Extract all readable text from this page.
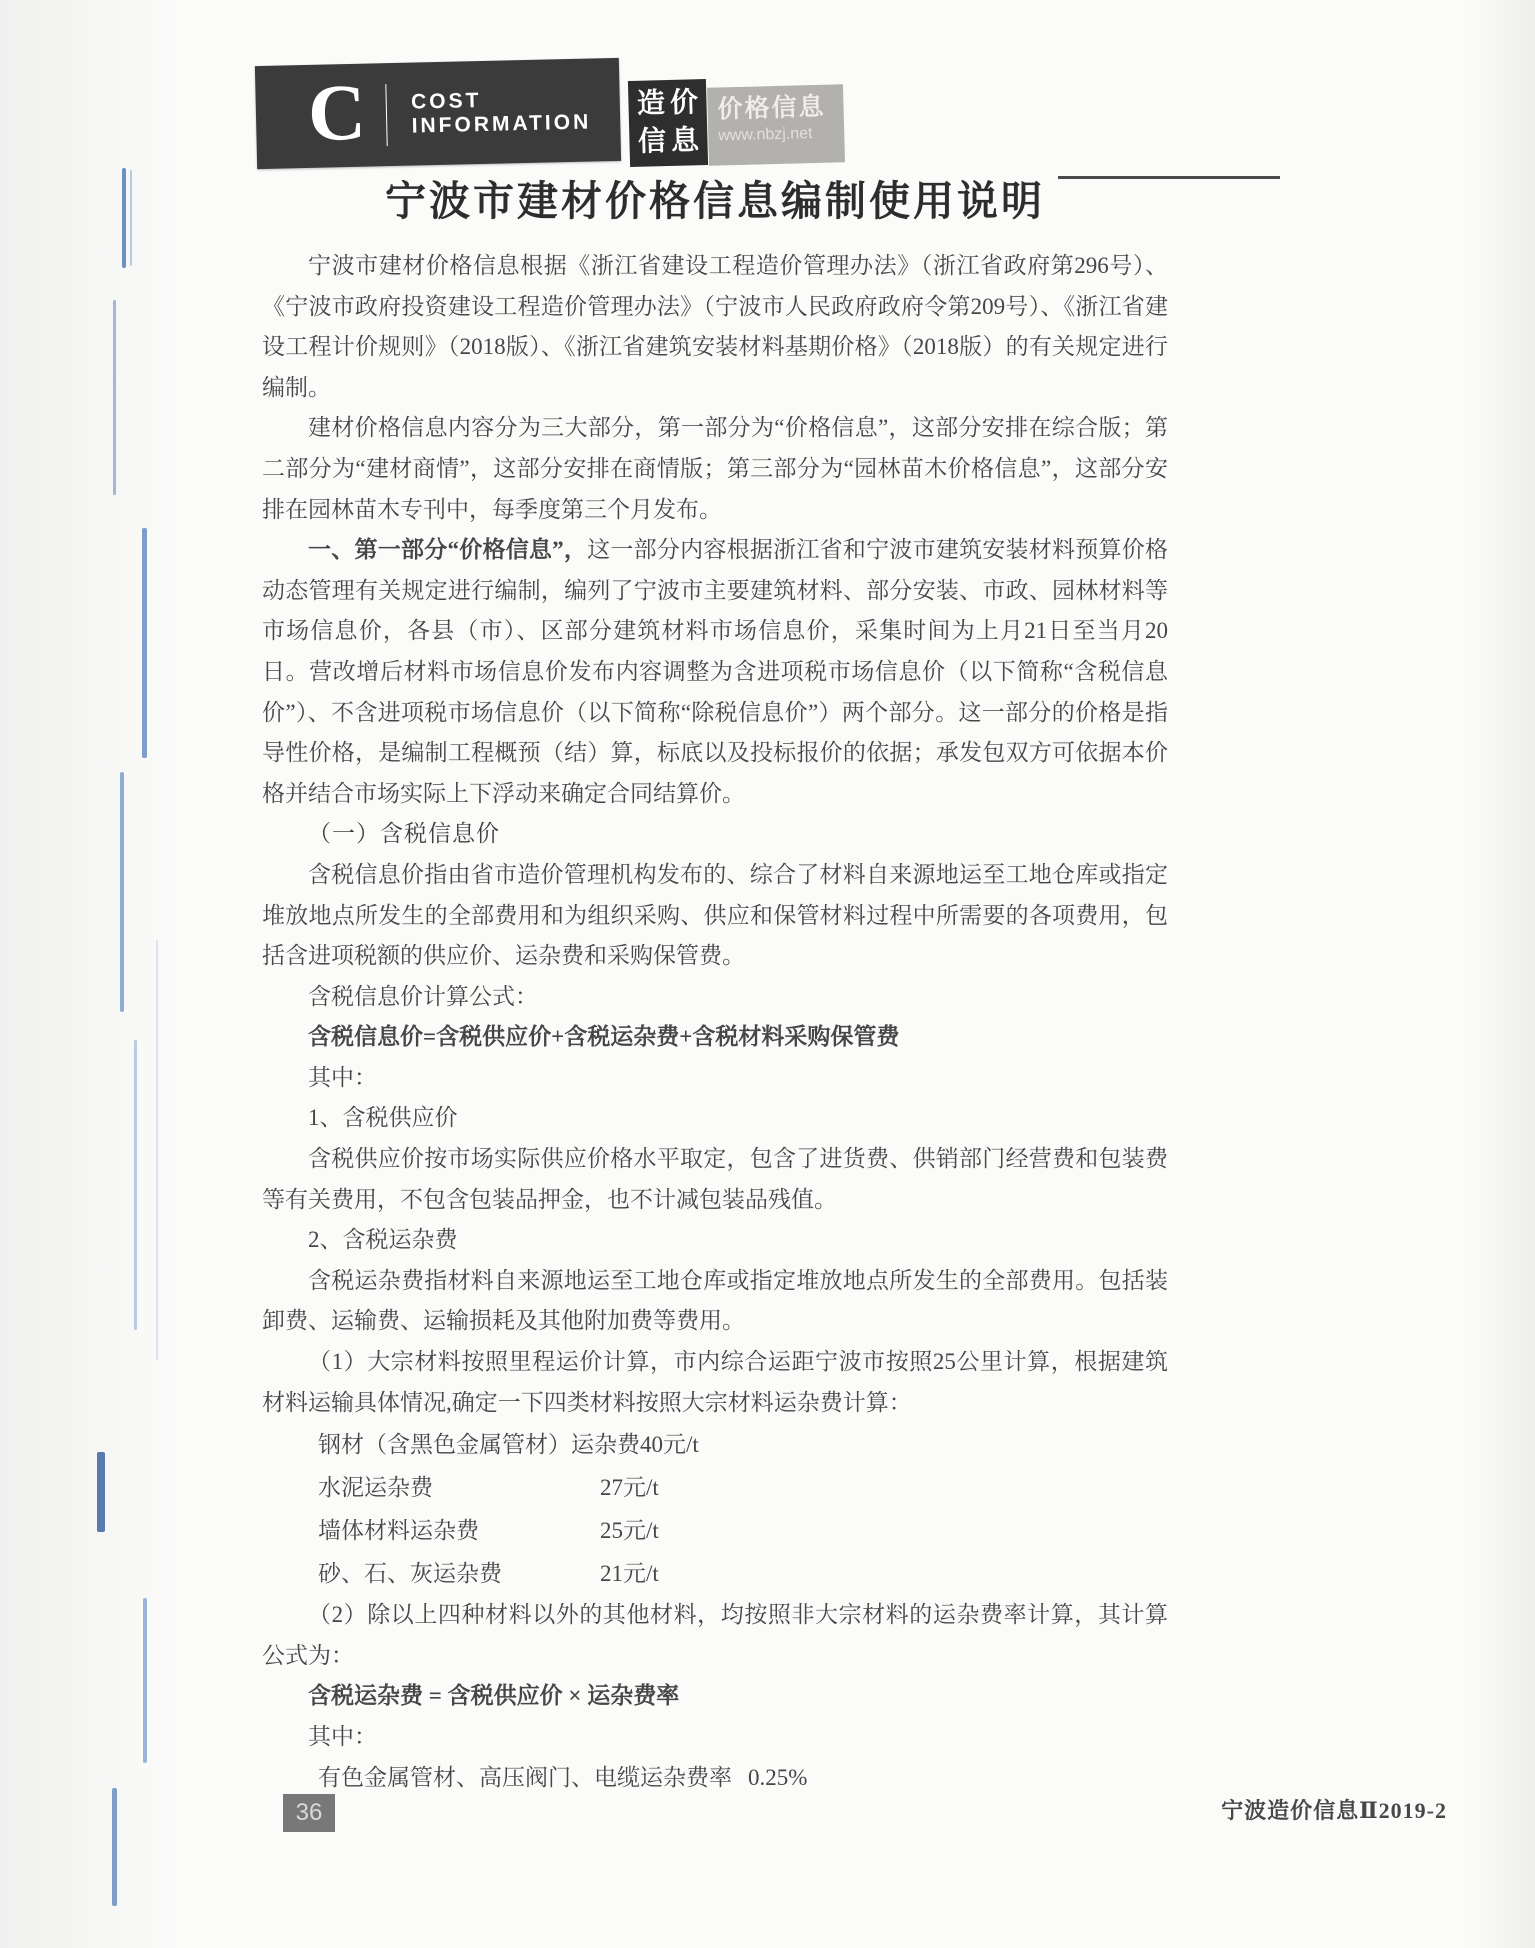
C COST INFORMATION
造价
信息
价格信息
www.nbzj.net
宁波市建材价格信息编制使用说明

宁波市建材价格信息根据《浙江省建设工程造价管理办法》（浙江省政府第296号）、《宁波市政府投资建设工程造价管理办法》（宁波市人民政府政府令第209号）、《浙江省建设工程计价规则》（2018版）、《浙江省建筑安装材料基期价格》（2018版）的有关规定进行编制。

建材价格信息内容分为三大部分，第一部分为“价格信息”，这部分安排在综合版；第二部分为“建材商情”，这部分安排在商情版；第三部分为“园林苗木价格信息”，这部分安排在园林苗木专刊中，每季度第三个月发布。

一、第一部分“价格信息”，这一部分内容根据浙江省和宁波市建筑安装材料预算价格动态管理有关规定进行编制，编列了宁波市主要建筑材料、部分安装、市政、园林材料等市场信息价，各县（市）、区部分建筑材料市场信息价，采集时间为上月21日至当月20日。营改增后材料市场信息价发布内容调整为含进项税市场信息价（以下简称“含税信息价”）、不含进项税市场信息价（以下简称“除税信息价”）两个部分。这一部分的价格是指导性价格，是编制工程概预（结）算，标底以及投标报价的依据；承发包双方可依据本价格并结合市场实际上下浮动来确定合同结算价。

（一）含税信息价

含税信息价指由省市造价管理机构发布的、综合了材料自来源地运至工地仓库或指定堆放地点所发生的全部费用和为组织采购、供应和保管材料过程中所需要的各项费用，包括含进项税额的供应价、运杂费和采购保管费。

含税信息价计算公式：

含税信息价=含税供应价+含税运杂费+含税材料采购保管费

其中：

1、含税供应价

含税供应价按市场实际供应价格水平取定，包含了进货费、供销部门经营费和包装费等有关费用，不包含包装品押金，也不计减包装品残值。

2、含税运杂费

含税运杂费指材料自来源地运至工地仓库或指定堆放地点所发生的全部费用。包括装卸费、运输费、运输损耗及其他附加费等费用。

（1）大宗材料按照里程运价计算，市内综合运距宁波市按照25公里计算，根据建筑材料运输具体情况,确定一下四类材料按照大宗材料运杂费计算：

钢材（含黑色金属管材）运杂费 40元/t
水泥运杂费	27元/t
墙体材料运杂费	25元/t
砂、石、灰运杂费	21元/t

（2）除以上四种材料以外的其他材料，均按照非大宗材料的运杂费率计算，其计算公式为：

含税运杂费 = 含税供应价 × 运杂费率

其中：

有色金属管材、高压阀门、电缆运杂费率 0.25%
36	宁波造价信息Ⅱ2019-2
